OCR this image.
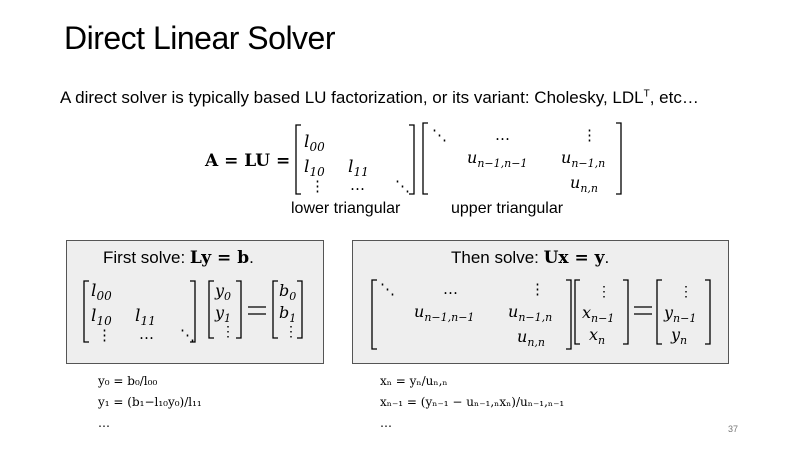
Direct Linear Solver
A direct solver is typically based LU factorization, or its variant: Cholesky, $LDL^T$, etc…
First solve: Ly = b.	Then solve: Ux = y.
lower triangular	upper triangular
A = LU =
$l_{00}$
$l_{10}$ $l_{11}$
⋮ … ⋱
⋱	…	⋮
$u_{n-1,n-1}$ $u_{n-1,n}$
$u_{n,n}$
$l_{00}$
$l_{10}$ $l_{11}$
⋮ … ⋱
$y_0$
$y_1$
⋮
$b_0$
$b_1$
⋮
⋱	…	⋮
$u_{n-1,n-1}$ $u_{n-1,n}$
$u_{n,n}$
⋮
$x_{n-1}$
$x_n$
⋮
$y_{n-1}$
$y_n$
y₀ = b₀/l₀₀
y₁ = (b₁−l₁₀y₀)/l₁₁
…
xₙ = yₙ/uₙ,ₙ
xₙ₋₁ = (yₙ₋₁ − uₙ₋₁,ₙxₙ)/uₙ₋₁,ₙ₋₁
…	37
